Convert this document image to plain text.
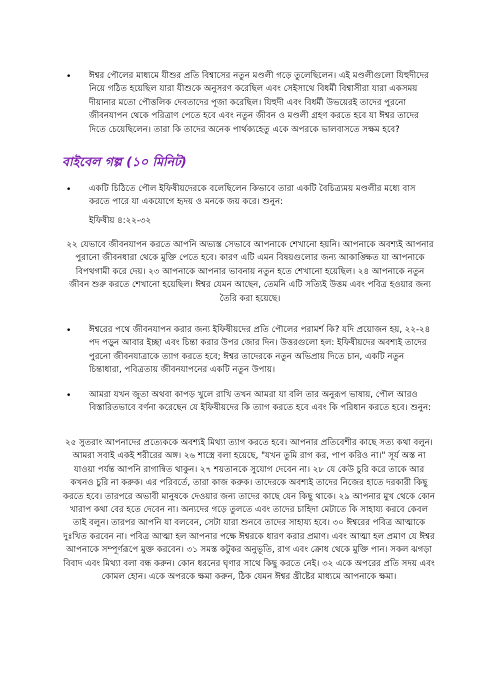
•

ঈশ্বর পৌলের মাধ্যমে যীশুর প্রতি বিশ্বাসের নতুন মণ্ডলী গড়ে তুলেছিলেন। এই মণ্ডলীগুলো যিহুদীদের নিয়ে গঠিত হয়েছিল যারা যীশুকে অনুসরণ করেছিল এবং সেইসাথে বিধর্মী বিশ্বাসীরা যারা একসময় দীয়ানার মতো পৌত্তলিক দেবতাদের পূজা করেছিল। যিহুদী এবং বিধর্মী উভয়েরই তাদের পুরনো জীবনযাপন থেকে পরিত্রাণ পেতে হবে এবং নতুন জীবন ও মণ্ডলী গ্রহণ করতে হবে যা ঈশ্বর তাদের দিতে চেয়েছিলেন। তারা কি তাদের অনেক পার্থক্যহেতু একে অপরকে ভালবাসতে সক্ষম হবে?

বাইবেল গল্প (১০ মিনিট)

•

একটি চিঠিতে পৌল ইফিষীয়দেরকে বলেছিলেন কিভাবে তারা একটি বৈচিত্র্যময় মণ্ডলীর মধ্যে বাস করতে পারে যা একযোগে হৃদয় ও মনকে জয় করে। শুনুন:

ইফিষীয় ৪:২২-৩২

২২ যেভাবে জীবনযাপন করতে আপনি অভ্যস্ত সেভাবে আপনাকে শেখানো হয়নি। আপনাকে অবশ্যই আপনার পুরানো জীবনধারা থেকে মুক্তি পেতে হবে। কারণ এটি এমন বিষয়গুলোর জন্য আকাঙ্ক্ষিত যা আপনাকে বিপথগামী করে দেয়। ২৩ আপনাকে আপনার ভাবনায় নতুন হতে শেখানো হয়েছিল। ২৪ আপনাকে নতুন জীবন শুরু করতে শেখানো হয়েছিল। ঈশ্বর যেমন আছেন, তেমনি এটি সত্যিই উত্তম এবং পবিত্র হওয়ার জন্য তৈরি করা হয়েছে।

•

ঈশ্বরের পথে জীবনযাপন করার জন্য ইফিষীয়দের প্রতি পৌলের পরামর্শ কি? যদি প্রয়োজন হয়, ২২-২৪ পদ পড়ুন আবার ইচ্ছা এবং চিন্তা করার উপর জোর দিন। উত্তরগুলো হল: ইফিষীয়দের অবশ্যই তাদের পুরনো জীবনযাত্রাকে ত্যাগ করতে হবে; ঈশ্বর তাদেরকে নতুন অভিপ্রায় দিতে চান, একটি নতুন চিন্তাধারা, পবিত্রতায় জীবনযাপনের একটি নতুন উপায়।

•

আমরা যখন জুতা অথবা কাপড় খুলে রাখি তখন আমরা যা বলি তার অনুরূপ ভাষায়, পৌল আরও বিস্তারিতভাবে বর্ণনা করেছেন যে ইফিষীয়দের কি ত্যাগ করতে হবে এবং কি পরিধান করতে হবে। শুনুন:

২৫ সুতরাং আপনাদের প্রত্যেককে অবশ্যই মিথ্যা ত্যাগ করতে হবে। আপনার প্রতিবেশীর কাছে সত্য কথা বলুন। আমরা সবাই একই শরীরের অঙ্গ। ২৬ শাস্ত্রে বলা হয়েছে, "যখন তুমি রাগ কর, পাপ করিও না।" সূর্য অস্ত না যাওয়া পর্যন্ত আপনি রাগান্বিত থাকুন। ২৭ শয়তানকে সুযোগ দেবেন না। ২৮ যে কেউ চুরি করে তাকে আর কখনও চুরি না করুক। এর পরিবর্তে, তারা কাজ করুক। তাদেরকে অবশ্যই তাদের নিজের হাতে দরকারী কিছু করতে হবে। তারপরে অভাবী মানুষকে দেওয়ার জন্য তাদের কাছে যেন কিছু থাকে। ২৯ আপনার মুখ থেকে কোন খারাপ কথা বের হতে দেবেন না। অন্যদের গড়ে তুলতে এবং তাদের চাহিদা মেটাতে কি সাহায্য করবে কেবল তাই বলুন। তারপর আপনি যা বলবেন, সেটা যারা শুনবে তাদের সাহায্য হবে। ৩০ ঈশ্বরের পবিত্র আত্মাকে দুঃখিত করবেন না। পবিত্র আত্মা হল আপনার পক্ষে ঈশ্বরকে ধারণ করার প্রমাণ। এবং আত্মা হল প্রমাণ যে ঈশ্বর আপনাকে সম্পূর্ণরূপে মুক্ত করবেন। ৩১ সমস্ত কটুকর অনুভূতি, রাগ এবং ক্রোধ থেকে মুক্তি পান। সকল ঝগড়া বিবাদ এবং মিথ্যা বলা বন্ধ করুন। কোন ধরনের ঘৃণার সাথে কিছু করতে নেই। ৩২ একে অপরের প্রতি সদয় এবং কোমল হোন। একে অপরকে ক্ষমা করুন, ঠিক যেমন ঈশ্বর খ্রীষ্টের মাধ্যমে আপনাকে ক্ষমা।
